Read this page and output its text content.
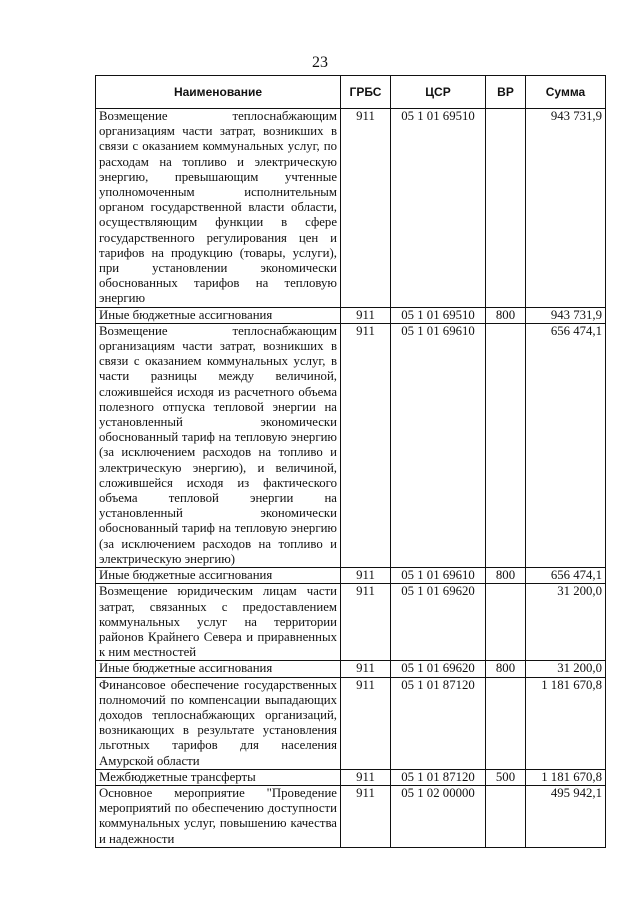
23
Наименование	ГРБС	ЦСР	ВР	Сумма
Возмещение теплоснабжающим организациям части затрат, возникших в связи с оказанием коммунальных услуг, по расходам на топливо и электрическую энергию, превышающим учтенные уполномоченным исполнительным органом государственной власти области, осуществляющим функции в сфере государственного регулирования цен и тарифов на продукцию (товары, услуги), при установлении экономически обоснованных тарифов на тепловую энергию	911	05 1 01 69510		943 731,9
Иные бюджетные ассигнования	911	05 1 01 69510	800	943 731,9
Возмещение теплоснабжающим организациям части затрат, возникших в связи с оказанием коммунальных услуг, в части разницы между величиной, сложившейся исходя из расчетного объема полезного отпуска тепловой энергии на установленный экономически обоснованный тариф на тепловую энергию (за исключением расходов на топливо и электрическую энергию), и величиной, сложившейся исходя из фактического объема тепловой энергии на установленный экономически обоснованный тариф на тепловую энергию (за исключением расходов на топливо и электрическую энергию)	911	05 1 01 69610		656 474,1
Иные бюджетные ассигнования	911	05 1 01 69610	800	656 474,1
Возмещение юридическим лицам части затрат, связанных с предоставлением коммунальных услуг на территории районов Крайнего Севера и приравненных к ним местностей	911	05 1 01 69620		31 200,0
Иные бюджетные ассигнования	911	05 1 01 69620	800	31 200,0
Финансовое обеспечение государственных полномочий по компенсации выпадающих доходов теплоснабжающих организаций, возникающих в результате установления льготных тарифов для населения Амурской области	911	05 1 01 87120		1 181 670,8
Межбюджетные трансферты	911	05 1 01 87120	500	1 181 670,8
Основное мероприятие "Проведение мероприятий по обеспечению доступности коммунальных услуг, повышению качества и надежности	911	05 1 02 00000		495 942,1
